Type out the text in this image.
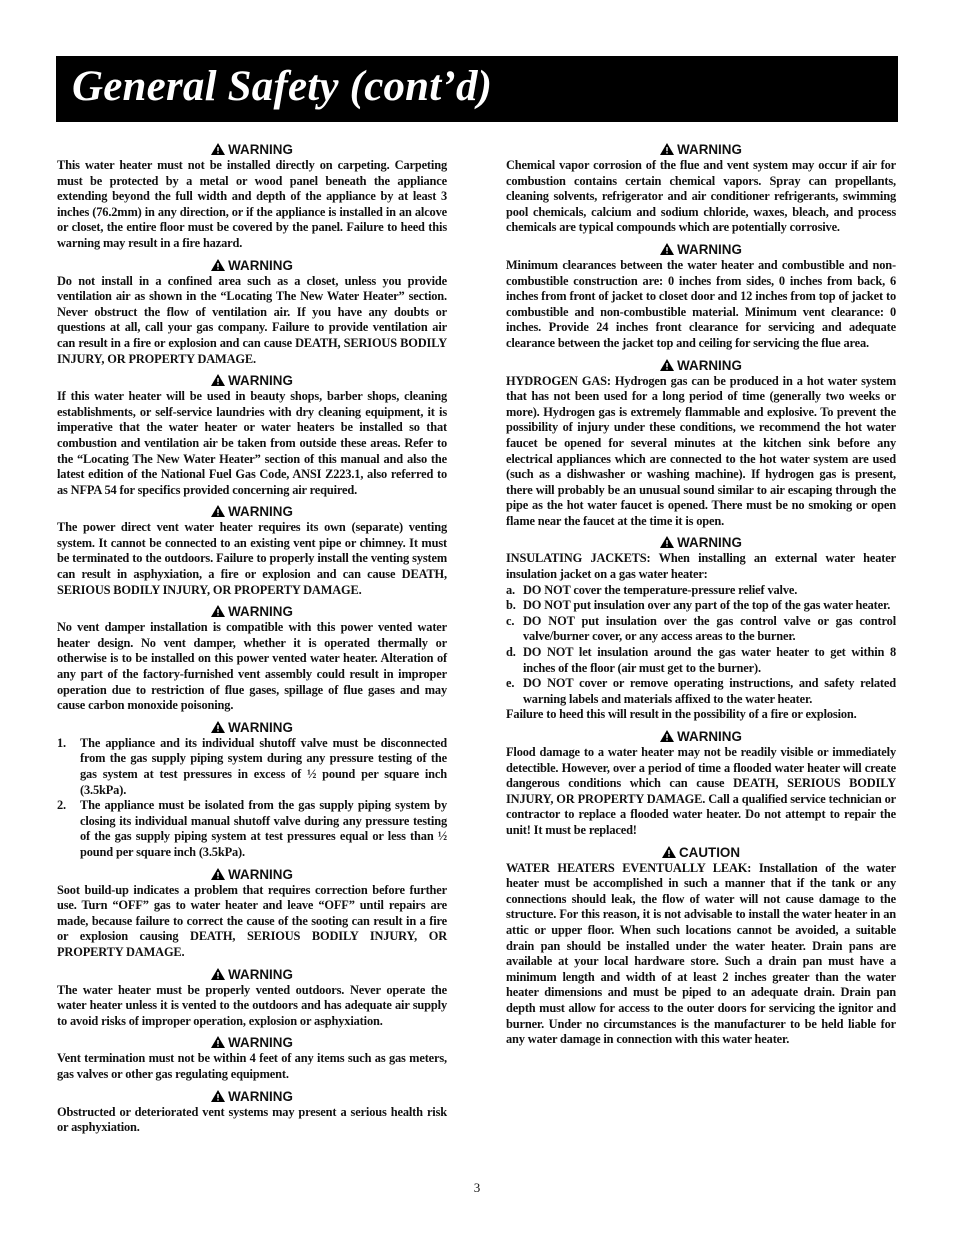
General Safety (cont’d)
WARNING

This water heater must not be installed directly on carpeting. Carpeting must be protected by a metal or wood panel beneath the appliance extending beyond the full width and depth of the appliance by at least 3 inches (76.2mm) in any direction, or if the appliance is installed in an alcove or closet, the entire floor must be covered by the panel. Failure to heed this warning may result in a fire hazard.

WARNING

Do not install in a confined area such as a closet, unless you provide ventilation air as shown in the “Locating The New Water Heater” section. Never obstruct the flow of ventilation air. If you have any doubts or questions at all, call your gas company. Failure to provide ventilation air can result in a fire or explosion and can cause DEATH, SERIOUS BODILY INJURY, OR PROPERTY DAMAGE.

WARNING

If this water heater will be used in beauty shops, barber shops, cleaning establishments, or self-service laundries with dry cleaning equipment, it is imperative that the water heater or water heaters be installed so that combustion and ventilation air be taken from outside these areas. Refer to the “Locating The New Water Heater” section of this manual and also the latest edition of the National Fuel Gas Code, ANSI Z223.1, also referred to as NFPA 54 for specifics provided concerning air required.

WARNING

The power direct vent water heater requires its own (separate) venting system. It cannot be connected to an existing vent pipe or chimney. It must be terminated to the outdoors. Failure to properly install the venting system can result in asphyxiation, a fire or explosion and can cause DEATH, SERIOUS BODILY INJURY, OR PROPERTY DAMAGE.

WARNING

No vent damper installation is compatible with this power vented water heater design. No vent damper, whether it is operated thermally or otherwise is to be installed on this power vented water heater. Alteration of any part of the factory-furnished vent assembly could result in improper operation due to restriction of flue gases, spillage of flue gases and may cause carbon monoxide poisoning.

WARNING
1. The appliance and its individual shutoff valve must be disconnected from the gas supply piping system during any pressure testing of the gas system at test pressures in excess of ½ pound per square inch (3.5kPa).
2. The appliance must be isolated from the gas supply piping system by closing its individual manual shutoff valve during any pressure testing of the gas supply piping system at test pressures equal or less than ½ pound per square inch (3.5kPa).
WARNING

Soot build-up indicates a problem that requires correction before further use. Turn “OFF” gas to water heater and leave “OFF” until repairs are made, because failure to correct the cause of the sooting can result in a fire or explosion causing DEATH, SERIOUS BODILY INJURY, OR PROPERTY DAMAGE.

WARNING

The water heater must be properly vented outdoors. Never operate the water heater unless it is vented to the outdoors and has adequate air supply to avoid risks of improper operation, explosion or asphyxiation.

WARNING

Vent termination must not be within 4 feet of any items such as gas meters, gas valves or other gas regulating equipment.

WARNING

Obstructed or deteriorated vent systems may present a serious health risk or asphyxiation.

WARNING

Chemical vapor corrosion of the flue and vent system may occur if air for combustion contains certain chemical vapors. Spray can propellants, cleaning solvents, refrigerator and air conditioner refrigerants, swimming pool chemicals, calcium and sodium chloride, waxes, bleach, and process chemicals are typical compounds which are potentially corrosive.

WARNING

Minimum clearances between the water heater and combustible and non-combustible construction are: 0 inches from sides, 0 inches from back, 6 inches from front of jacket to closet door and 12 inches from top of jacket to combustible and non-combustible material. Minimum vent clearance: 0 inches. Provide 24 inches front clearance for servicing and adequate clearance between the jacket top and ceiling for servicing the flue area.

WARNING

HYDROGEN GAS: Hydrogen gas can be produced in a hot water system that has not been used for a long period of time (generally two weeks or more). Hydrogen gas is extremely flammable and explosive. To prevent the possibility of injury under these conditions, we recommend the hot water faucet be opened for several minutes at the kitchen sink before any electrical appliances which are connected to the hot water system are used (such as a dishwasher or washing machine). If hydrogen gas is present, there will probably be an unusual sound similar to air escaping through the pipe as the hot water faucet is opened. There must be no smoking or open flame near the faucet at the time it is open.

WARNING

INSULATING JACKETS: When installing an external water heater insulation jacket on a gas water heater:

a. DO NOT cover the temperature-pressure relief valve.
b. DO NOT put insulation over any part of the top of the gas water heater.
c. DO NOT put insulation over the gas control valve or gas control valve/burner cover, or any access areas to the burner.
d. DO NOT let insulation around the gas water heater to get within 8 inches of the floor (air must get to the burner).
e. DO NOT cover or remove operating instructions, and safety related warning labels and materials affixed to the water heater.

Failure to heed this will result in the possibility of a fire or explosion.

WARNING

Flood damage to a water heater may not be readily visible or immediately detectible. However, over a period of time a flooded water heater will create dangerous conditions which can cause DEATH, SERIOUS BODILY INJURY, OR PROPERTY DAMAGE. Call a qualified service technician or contractor to replace a flooded water heater. Do not attempt to repair the unit! It must be replaced!

CAUTION

WATER HEATERS EVENTUALLY LEAK: Installation of the water heater must be accomplished in such a manner that if the tank or any connections should leak, the flow of water will not cause damage to the structure. For this reason, it is not advisable to install the water heater in an attic or upper floor. When such locations cannot be avoided, a suitable drain pan should be installed under the water heater. Drain pans are available at your local hardware store. Such a drain pan must have a minimum length and width of at least 2 inches greater than the water heater dimensions and must be piped to an adequate drain. Drain pan depth must allow for access to the outer doors for servicing the ignitor and burner. Under no circumstances is the manufacturer to be held liable for any water damage in connection with this water heater.

3
